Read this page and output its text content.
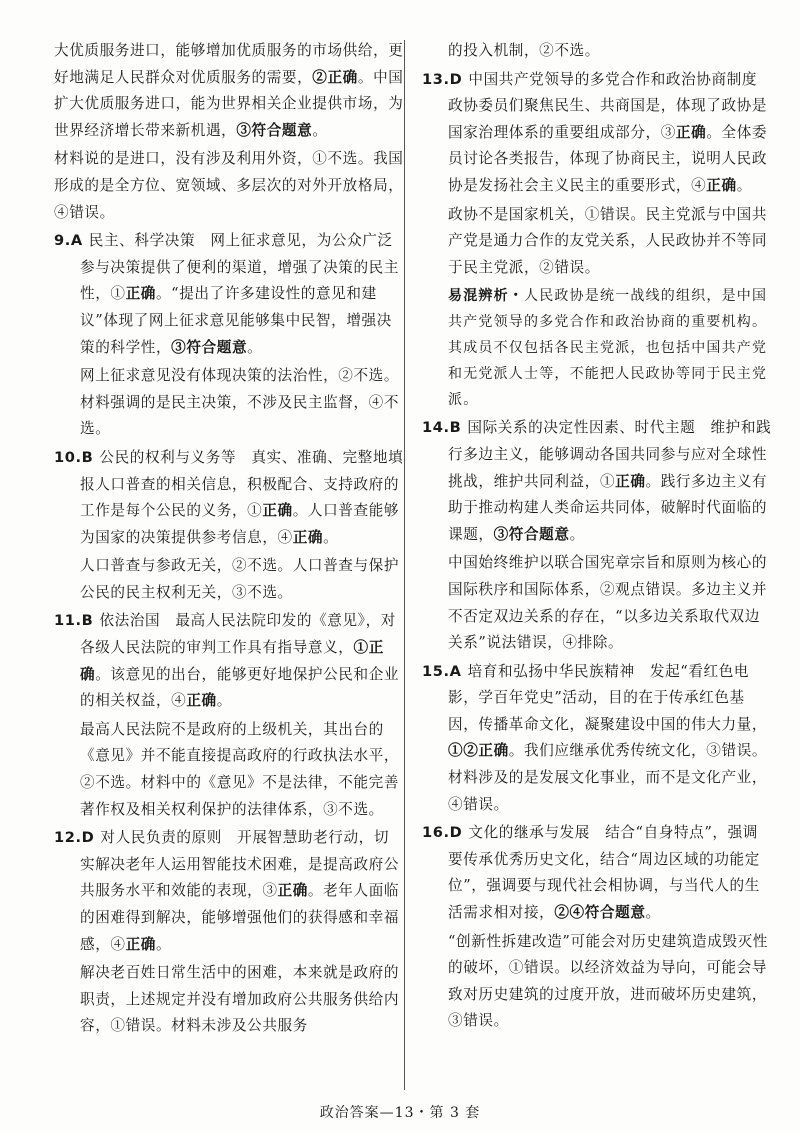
大优质服务进口，能够增加优质服务的市场供给，更好地满足人民群众对优质服务的需要，②正确。中国扩大优质服务进口，能为世界相关企业提供市场，为世界经济增长带来新机遇，③符合题意。
材料说的是进口，没有涉及利用外资，①不选。我国形成的是全方位、宽领域、多层次的对外开放格局，④错误。
9.A 民主、科学决策　网上征求意见，为公众广泛参与决策提供了便利的渠道，增强了决策的民主性，①正确。“提出了许多建设性的意见和建议”体现了网上征求意见能够集中民智，增强决策的科学性，③符合题意。
网上征求意见没有体现决策的法治性，②不选。材料强调的是民主决策，不涉及民主监督，④不选。
10.B 公民的权利与义务等　真实、准确、完整地填报人口普查的相关信息，积极配合、支持政府的工作是每个公民的义务，①正确。人口普查能够为国家的决策提供参考信息，④正确。
人口普查与参政无关，②不选。人口普查与保护公民的民主权利无关，③不选。
11.B 依法治国　最高人民法院印发的《意见》，对各级人民法院的审判工作具有指导意义，①正确。该意见的出台，能够更好地保护公民和企业的相关权益，④正确。
最高人民法院不是政府的上级机关，其出台的《意见》并不能直接提高政府的行政执法水平，②不选。材料中的《意见》不是法律，不能完善著作权及相关权利保护的法律体系，③不选。
12.D 对人民负责的原则　开展智慧助老行动，切实解决老年人运用智能技术困难，是提高政府公共服务水平和效能的表现，③正确。老年人面临的困难得到解决，能够增强他们的获得感和幸福感，④正确。
解决老百姓日常生活中的困难，本来就是政府的职责，上述规定并没有增加政府公共服务供给内容，①错误。材料未涉及公共服务
的投入机制，②不选。
13.D 中国共产党领导的多党合作和政治协商制度　政协委员们聚焦民生、共商国是，体现了政协是国家治理体系的重要组成部分，③正确。全体委员讨论各类报告，体现了协商民主，说明人民政协是发扬社会主义民主的重要形式，④正确。
政协不是国家机关，①错误。民主党派与中国共产党是通力合作的友党关系，人民政协并不等同于民主党派，②错误。
易混辨析・人民政协是统一战线的组织，是中国共产党领导的多党合作和政治协商的重要机构。其成员不仅包括各民主党派，也包括中国共产党和无党派人士等，不能把人民政协等同于民主党派。
14.B 国际关系的决定性因素、时代主题　维护和践行多边主义，能够调动各国共同参与应对全球性挑战，维护共同利益，①正确。践行多边主义有助于推动构建人类命运共同体，破解时代面临的课题，③符合题意。
中国始终维护以联合国宪章宗旨和原则为核心的国际秩序和国际体系，②观点错误。多边主义并不否定双边关系的存在，“以多边关系取代双边关系”说法错误，④排除。
15.A 培育和弘扬中华民族精神　发起“看红色电影，学百年党史”活动，目的在于传承红色基因，传播革命文化，凝聚建设中国的伟大力量，①②正确。我们应继承优秀传统文化，③错误。材料涉及的是发展文化事业，而不是文化产业，④错误。
16.D 文化的继承与发展　结合“自身特点”，强调要传承优秀历史文化，结合“周边区域的功能定位”，强调要与现代社会相协调，与当代人的生活需求相对接，②④符合题意。
“创新性拆建改造”可能会对历史建筑造成毁灭性的破坏，①错误。以经济效益为导向，可能会导致对历史建筑的过度开放，进而破坏历史建筑，③错误。
政治答案—13・第 3 套
